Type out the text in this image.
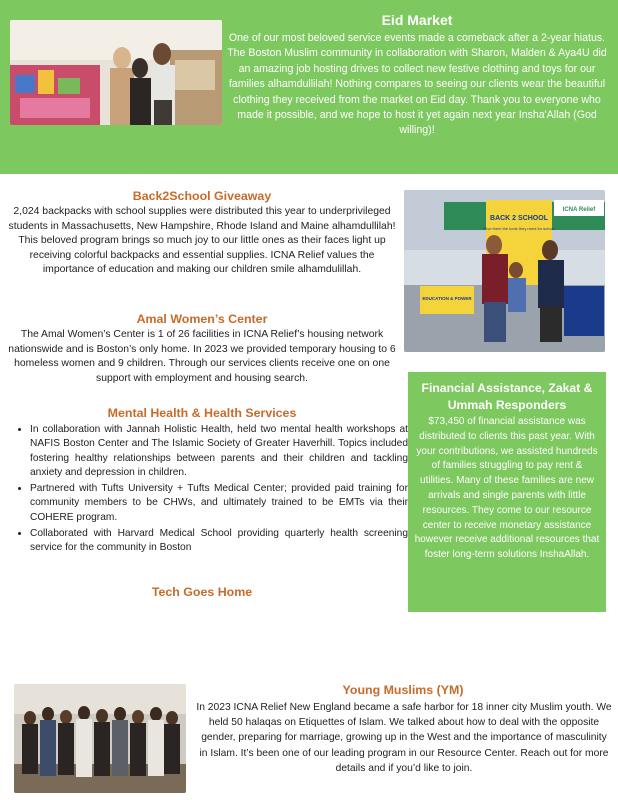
Eid Market

One of our most beloved service events made a comeback after a 2-year hiatus. The Boston Muslim community in collaboration with Sharon, Malden & Aya4U did an amazing job hosting drives to collect new festive clothing and toys for our families alhamdullilah! Nothing compares to seeing our clients wear the beautiful clothing they received from the market on Eid day. Thank you to everyone who made it possible, and we hope to host it yet again next year Insha'Allah (God willing)!

Back2School Giveaway

2,024 backpacks with school supplies were distributed this year to underprivileged students in Massachusetts, New Hampshire, Rhode Island and Maine alhamdullilah! This beloved program brings so much joy to our little ones as their faces light up receiving colorful backpacks and essential supplies. ICNA Relief values the importance of education and making our children smile alhamdulillah.

Amal Women’s Center

The Amal Women’s Center is 1 of 26 facilities in ICNA Relief’s housing network nationswide and is Boston’s only home. In 2023 we provided temporary housing to 6 homeless women and 9 children. Through our services clients receive one on one support with employment and housing search.

Mental Health & Health Services
• In collaboration with Jannah Holistic Health, held two mental health workshops at NAFIS Boston Center and The Islamic Society of Greater Haverhill. Topics included fostering healthy relationships between parents and their children and tackling anxiety and depression in children.
• Partnered with Tufts University + Tufts Medical Center; provided paid training for community members to be CHWs, and ultimately trained to be EMTs via their COHERE program.
• Collaborated with Harvard Medical School providing quarterly health screening service for the community in Boston
Tech Goes Home
BACK 2 SCHOOL
Give them the tools they need for school
ICNA Relief
EDUCATION & POWER

Financial Assistance, Zakat & Ummah Responders

$73,450 of financial assistance was distributed to clients this past year. With your contributions, we assisted hundreds of families struggling to pay rent & utilities. Many of these families are new arrivals and single parents with little resources. They come to our resource center to receive monetary assistance however receive additional resources that foster long-term solutions InshaAllah.

Young Muslims (YM)

In 2023 ICNA Relief New England became a safe harbor for 18 inner city Muslim youth. We held 50 halaqas on Etiquettes of Islam. We talked about how to deal with the opposite gender, preparing for marriage, growing up in the West and the importance of masculinity in Islam. It’s been one of our leading program in our Resource Center. Reach out for more details and if you’d like to join.
